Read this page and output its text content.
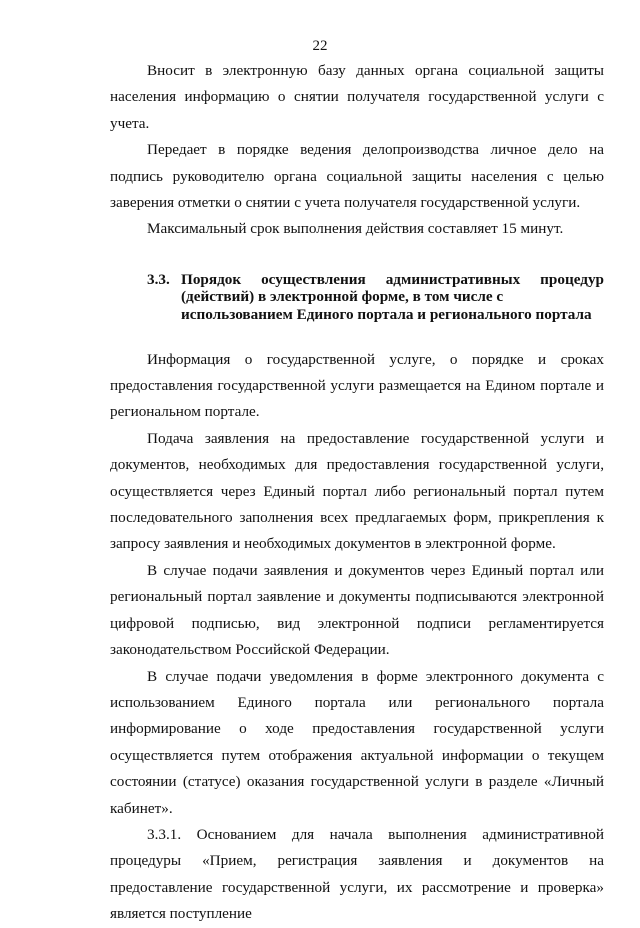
22

Вносит в электронную базу данных органа социальной защиты населения информацию о снятии получателя государственной услуги с учета.

Передает в порядке ведения делопроизводства личное дело на подпись руководителю органа социальной защиты населения с целью заверения отметки о снятии с учета получателя государственной услуги.

Максимальный срок выполнения действия составляет 15 минут.

3.3. Порядок осуществления административных процедур (действий) в электронной форме, в том числе с
использованием Единого портала и регионального портала

Информация о государственной услуге, о порядке и сроках предоставления государственной услуги размещается на Едином портале и региональном портале.

Подача заявления на предоставление государственной услуги и документов, необходимых для предоставления государственной услуги, осуществляется через Единый портал либо региональный портал путем последовательного заполнения всех предлагаемых форм, прикрепления к запросу заявления и необходимых документов в электронной форме.

В случае подачи заявления и документов через Единый портал или региональный портал заявление и документы подписываются электронной цифровой подписью, вид электронной подписи регламентируется законодательством Российской Федерации.

В случае подачи уведомления в форме электронного документа с использованием Единого портала или регионального портала информирование о ходе предоставления государственной услуги осуществляется путем отображения актуальной информации о текущем состоянии (статусе) оказания государственной услуги в разделе «Личный кабинет».

3.3.1. Основанием для начала выполнения административной процедуры «Прием, регистрация заявления и документов на предоставление государственной услуги, их рассмотрение и проверка» является поступление
